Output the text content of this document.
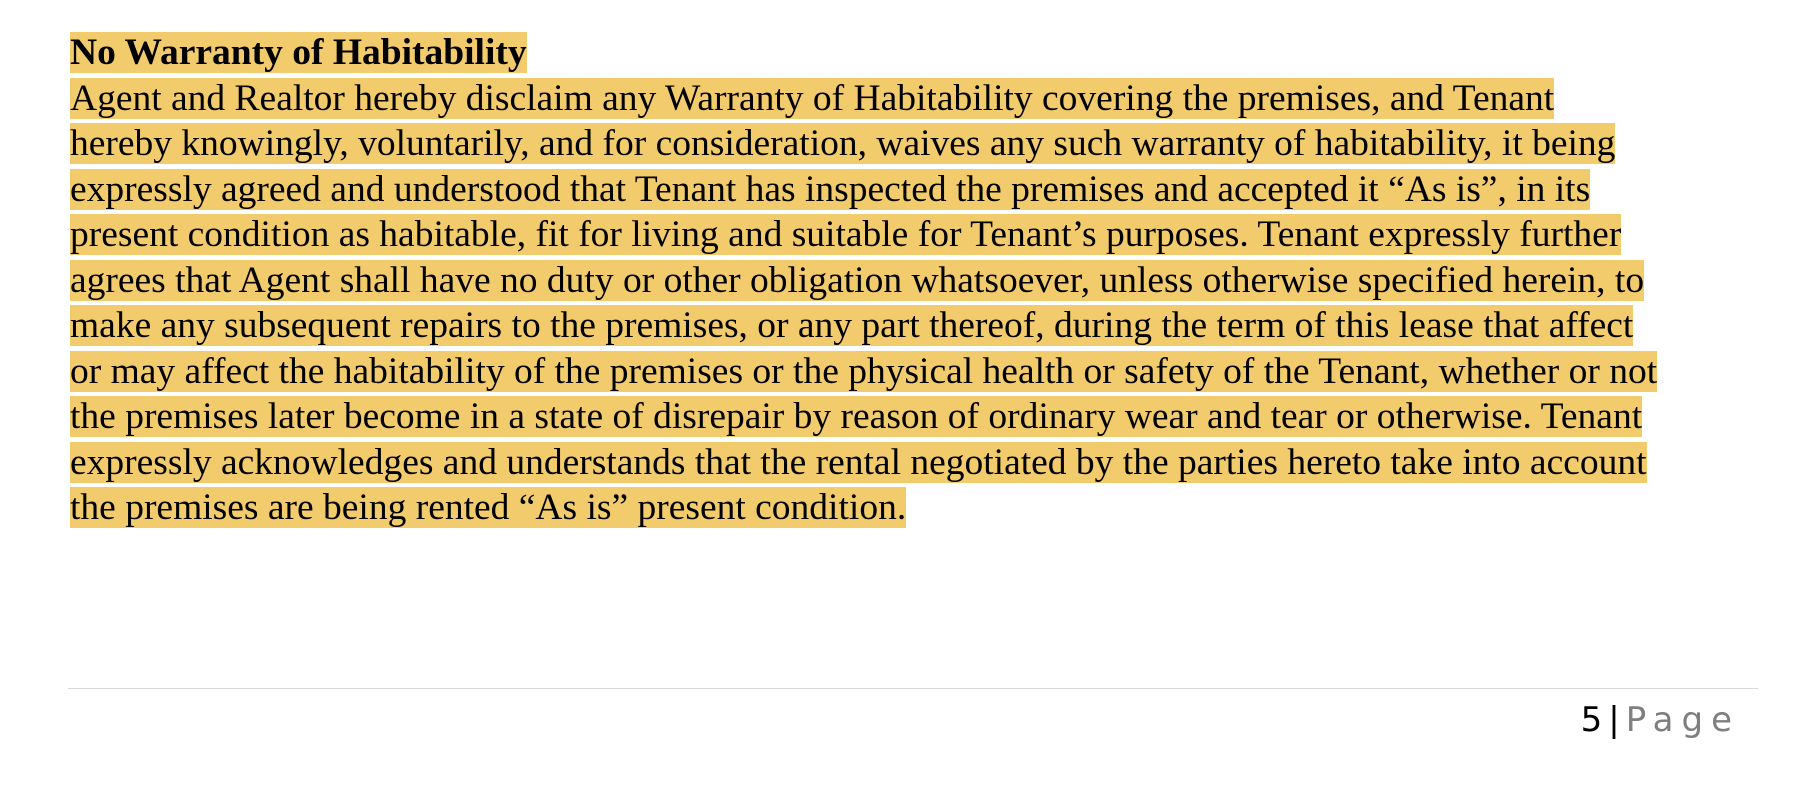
No Warranty of Habitability
Agent and Realtor hereby disclaim any Warranty of Habitability covering the premises, and Tenant
hereby knowingly, voluntarily, and for consideration, waives any such warranty of habitability, it being
expressly agreed and understood that Tenant has inspected the premises and accepted it “As is”, in its
present condition as habitable, fit for living and suitable for Tenant’s purposes. Tenant expressly further
agrees that Agent shall have no duty or other obligation whatsoever, unless otherwise specified herein, to
make any subsequent repairs to the premises, or any part thereof, during the term of this lease that affect
or may affect the habitability of the premises or the physical health or safety of the Tenant, whether or not
the premises later become in a state of disrepair by reason of ordinary wear and tear or otherwise. Tenant
expressly acknowledges and understands that the rental negotiated by the parties hereto take into account
the premises are being rented “As is” present condition.
5 | Page
